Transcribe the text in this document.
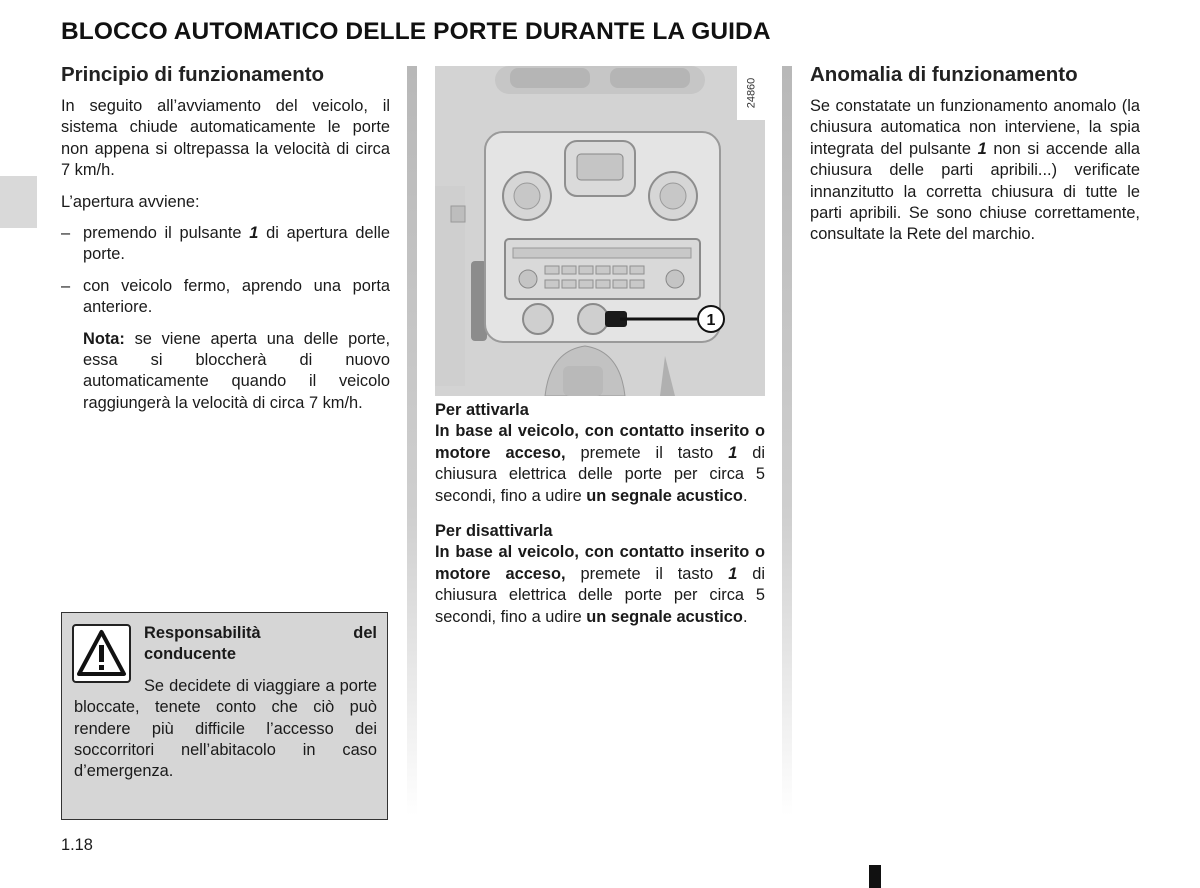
BLOCCO AUTOMATICO DELLE PORTE DURANTE LA GUIDA
Principio di funzionamento

In seguito all’avviamento del veicolo, il sistema chiude automaticamente le porte non appena si oltrepassa la velocità di circa 7 km/h.

L’apertura avviene:

– premendo il pulsante 1 di apertura delle porte.
– con veicolo fermo, aprendo una porta anteriore.

Nota: se viene aperta una delle porte, essa si bloccherà di nuovo automaticamente quando il veicolo raggiungerà la velocità di circa 7 km/h.

Responsabilità del conducente

Se decidete di viaggiare a porte bloccate, tenete conto che ciò può rendere più difficile l’accesso dei soccorritori nell’abitacolo in caso d’emergenza.

1
24860

Per attivarla

In base al veicolo, con contatto inserito o motore acceso, premete il tasto 1 di chiusura elettrica delle porte per circa 5 secondi, fino a udire un segnale acustico.

Per disattivarla

In base al veicolo, con contatto inserito o motore acceso, premete il tasto 1 di chiusura elettrica delle porte per circa 5 secondi, fino a udire un segnale acustico.

Anomalia di funzionamento

Se constatate un funzionamento anomalo (la chiusura automatica non interviene, la spia integrata del pulsante 1 non si accende alla chiusura delle parti apribili...) verificate innanzitutto la corretta chiusura di tutte le parti apribili. Se sono chiuse correttamente, consultate la Rete del marchio.

1.18
